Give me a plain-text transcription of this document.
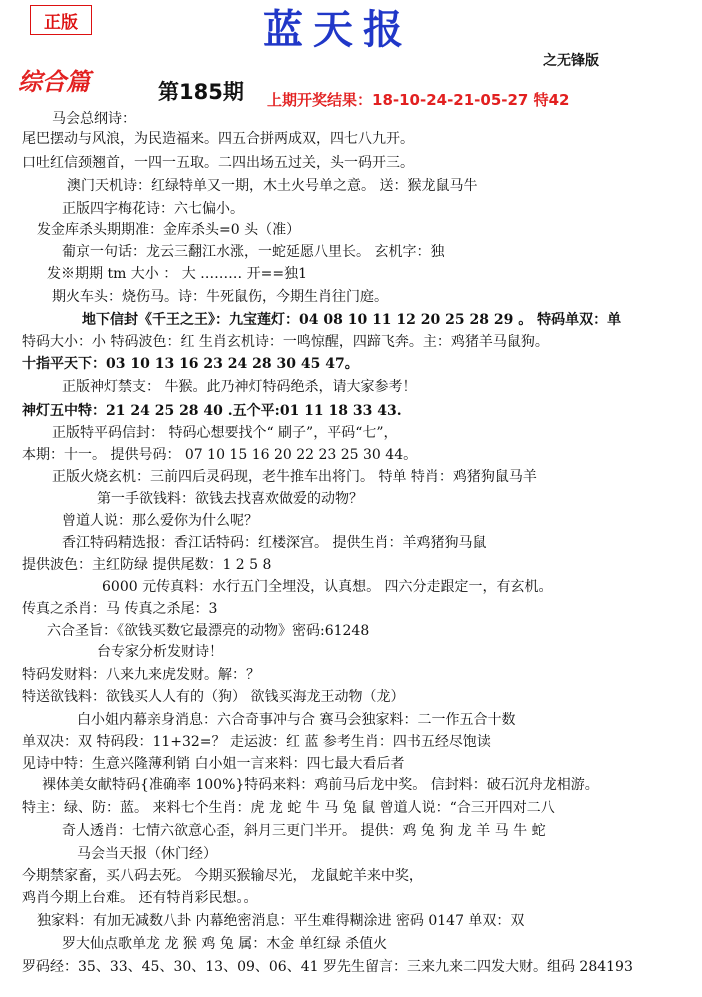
正版	蓝天报
之无锋版
综合篇	第185期 上期开奖结果：18-10-24-21-05-27 特42
马会总纲诗：
尾巴摆动与风浪，为民造福来。四五合拼两成双，四七八九开。
口吐红信颈翘首，一四一五取。二四出场五过关，头一码开三。
澳门天机诗：红绿特单又一期，木土火号单之意。 送：猴龙鼠马牛
正版四字梅花诗：六七偏小。
发金库杀头期期准：金库杀头=0 头（准）
葡京一句话：龙云三翻江水涨，一蛇延愿八里长。 玄机字：独
发※期期 tm 大小 ： 大 ……… 开==独1
期火车头：烧伤马。诗：牛死鼠伤，今期生肖往门庭。
地下信封《千王之王》：九宝莲灯：04 08 10 11 12 20 25 28 29 。 特码单双：单
特码大小：小 特码波色：红 生肖玄机诗：一鸣惊醒，四蹄飞奔。主：鸡猪羊马鼠狗。
十指平天下：03 10 13 16 23 24 28 30 45 47。
正版神灯禁支： 牛猴。此乃神灯特码绝杀，请大家参考！
神灯五中特：21 24 25 28 40 .五个平:01 11 18 33 43.
正版特平码信封： 特码心想要找个“ 刷子”，平码“七”，
本期：十一。 提供号码： 07 10 15 16 20 22 23 25 30 44。
正版火烧玄机：三前四后灵码现，老牛推车出将门。 特单 特肖：鸡猪狗鼠马羊
第一手欲钱料：欲钱去找喜欢做爱的动物？
曾道人说：那么爱你为什么呢？
香江特码精选报：香江话特码：红楼深宫。 提供生肖：羊鸡猪狗马鼠
提供波色：主红防绿 提供尾数：1 2 5 8
6000 元传真料：水行五门全埋没，认真想。 四六分走跟定一，有玄机。
传真之杀肖：马 传真之杀尾：3
六合圣旨：《欲钱买数它最漂亮的动物》密码:61248
台专家分析发财诗！
特码发财料：八来九来虎发财。解：？
特送欲钱料：欲钱买人人有的（狗） 欲钱买海龙王动物（龙）
白小姐内幕亲身消息：六合奇事冲与合 赛马会独家料：二一作五合十数
单双决：双 特码段：11+32=？ 走运波：红 蓝 参考生肖：四书五经尽饱读
见诗中特：生意兴隆薄利销 白小姐一言来料：四七最大看后者
裸体美女献特码{准确率 100%}特码来料：鸡前马后龙中奖。 信封料：破石沉舟龙相游。
特主：绿、防：蓝。 来料七个生肖：虎 龙 蛇 牛 马 兔 鼠 曾道人说：“合三开四对二八
奇人透肖：七情六欲意心歪，斜月三更门半开。 提供：鸡 兔 狗 龙 羊 马 牛 蛇
马会当天报（休门经）
今期禁家畜，买八码去死。 今期买猴输尽光， 龙鼠蛇羊来中奖，
鸡肖今期上台难。 还有特肖彩民想。。
独家料：有加无减数八卦 内幕绝密消息：平生难得糊涂进 密码 0147 单双：双
罗大仙点歌单龙 龙 猴 鸡 兔 属：木金 单红绿 杀值火
罗码经：35、33、45、30、13、09、06、41 罗先生留言：三来九来二四发大财。组码 284193
